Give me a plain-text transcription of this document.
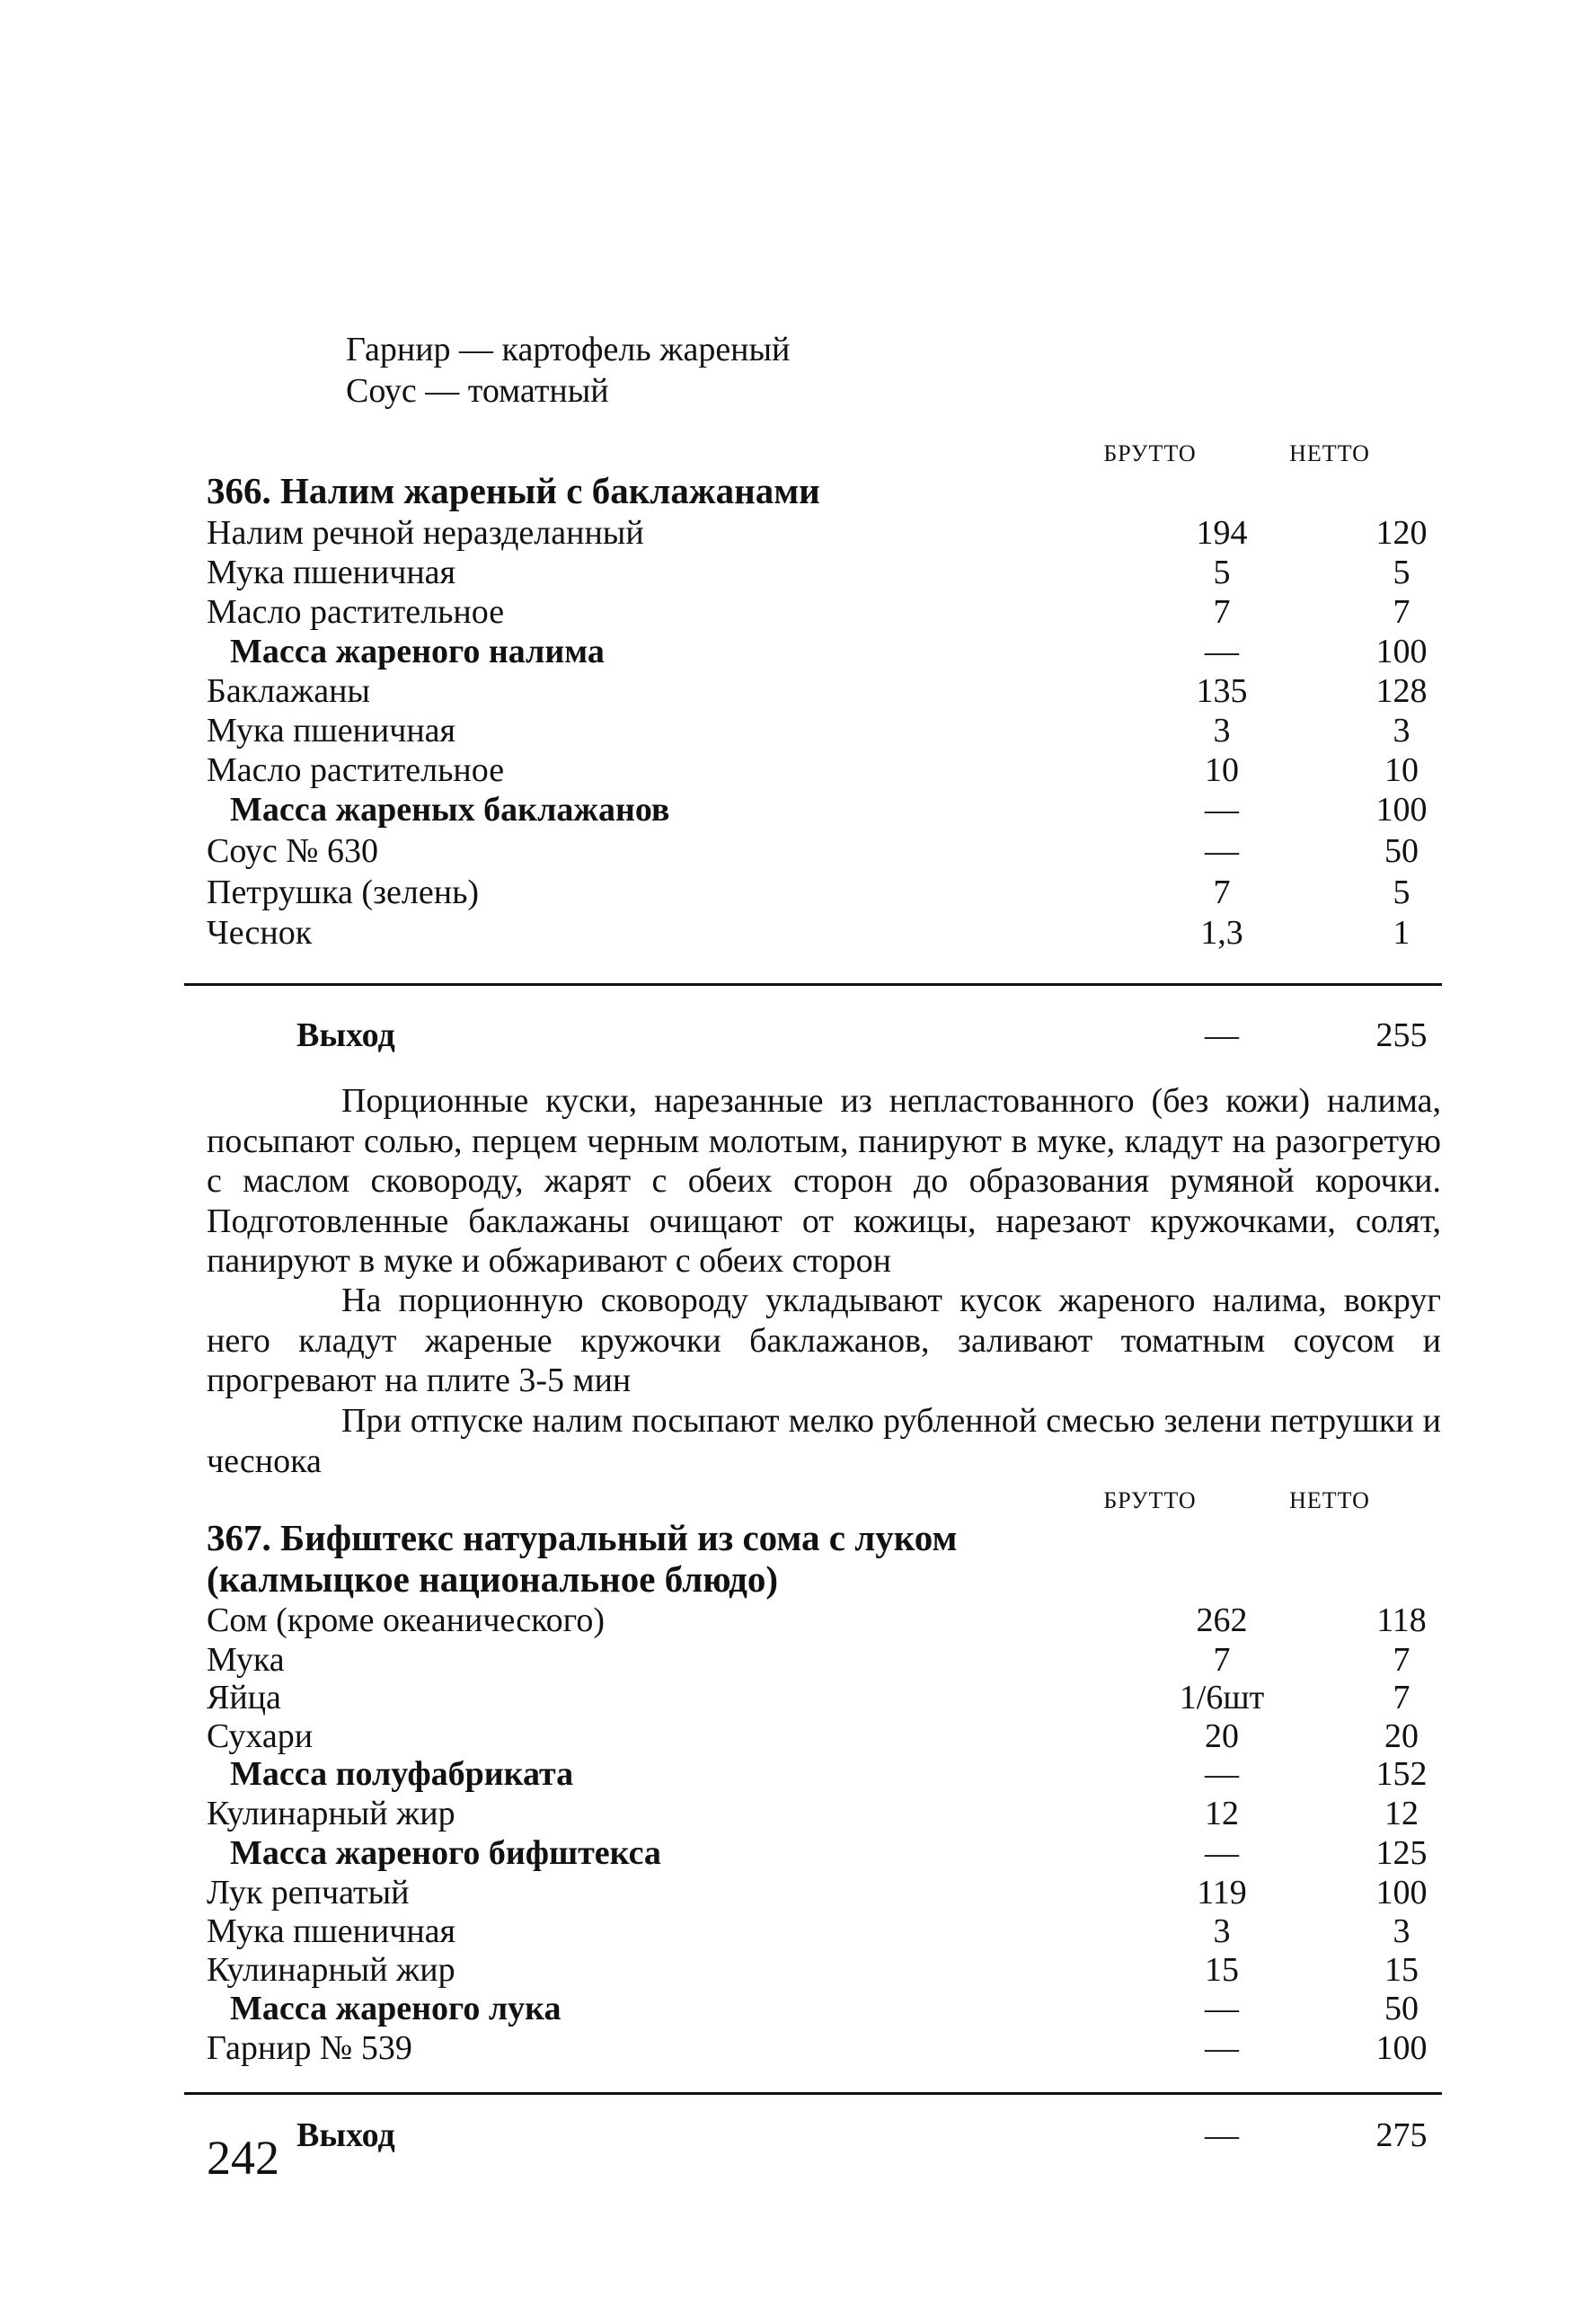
Гарнир — картофель жареный
Соус — томатный
БРУТТО	НЕТТО
366. Налим жареный с баклажанами
Налим речной неразделанный	194	120
Мука пшеничная	5	5
Масло растительное	7	7
Масса жареного налима	—	100
Баклажаны	135	128
Мука пшеничная	3	3
Масло растительное	10	10
Масса жареных баклажанов	—	100
Соус № 630	—	50
Петрушка (зелень)	7	5
Чеснок	1,3	1
Выход	—	255

Порционные куски, нарезанные из непластованного (без кожи) налима, посыпают солью, перцем черным молотым, панируют в муке, кладут на разогретую с маслом сковороду, жарят с обеих сторон до образования румяной корочки. Подготовленные баклажаны очищают от кожицы, нарезают кружочками, солят, панируют в муке и обжаривают с обеих сторон

На порционную сковороду укладывают кусок жареного налима, вокруг него кладут жареные кружочки баклажанов, заливают томатным соусом и прогревают на плите 3-5 мин

При отпуске налим посыпают мелко рубленной смесью зелени петрушки и чеснока

БРУТТО	НЕТТО
367. Бифштекс натуральный из сома с луком
(калмыцкое национальное блюдо)
Сом (кроме океанического)	262	118
Мука	7	7
Яйца	1/6шт	7
Сухари	20	20
Масса полуфабриката	—	152
Кулинарный жир	12	12
Масса жареного бифштекса	—	125
Лук репчатый	119	100
Мука пшеничная	3	3
Кулинарный жир	15	15
Масса жареного лука	—	50
Гарнир № 539	—	100
Выход	—	275
242
